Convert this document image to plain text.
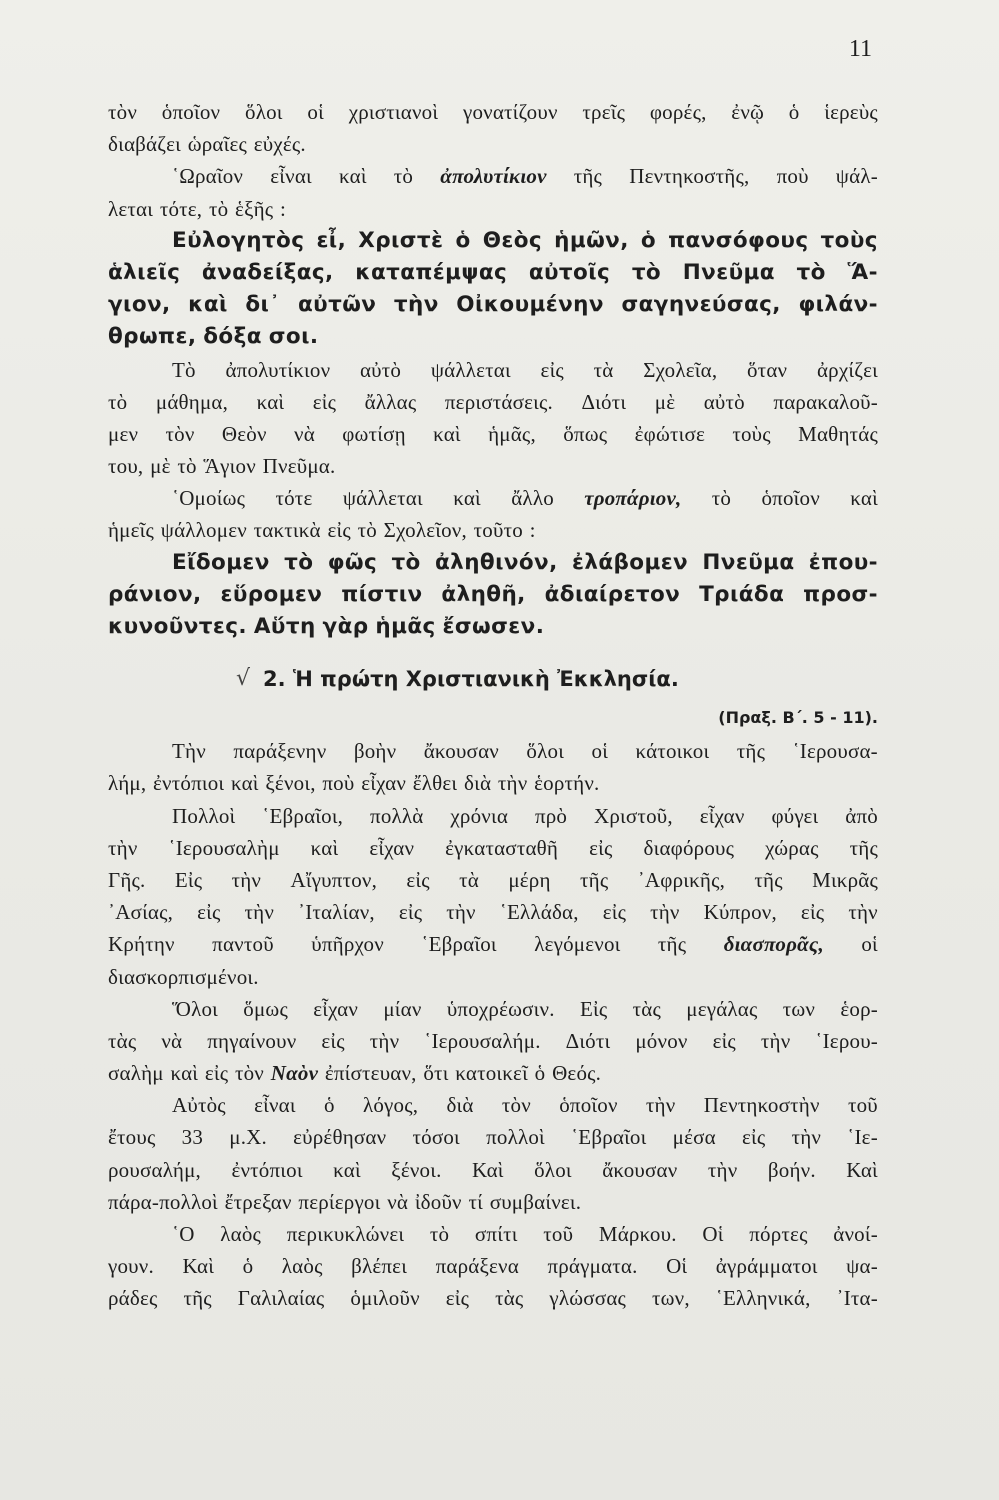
11
τὸν ὁποῖον ὅλοι οἱ χριστιανοὶ γονατίζουν τρεῖς φορές, ἐνῷ ὁ ἱερεὺς
διαβάζει ὡραῖες εὐχές.
῾Ωραῖον εἶναι καὶ τὸ ἀπολυτίκιον τῆς Πεντηκοστῆς, ποὺ ψάλ-
λεται τότε, τὸ ἑξῆς :
Εὐλογητὸς εἶ, Χριστὲ ὁ Θεὸς ἡμῶν, ὁ πανσόφους τοὺς
ἁλιεῖς ἀναδείξας, καταπέμψας αὐτοῖς τὸ Πνεῦμα τὸ Ἅ-
γιον, καὶ δι᾽ αὐτῶν τὴν Οἰκουμένην σαγηνεύσας, φιλάν-
θρωπε, δόξα σοι.
Τὸ ἀπολυτίκιον αὐτὸ ψάλλεται εἰς τὰ Σχολεῖα, ὅταν ἀρχίζει
τὸ μάθημα, καὶ εἰς ἄλλας περιστάσεις. Διότι μὲ αὐτὸ παρακαλοῦ-
μεν τὸν Θεὸν νὰ φωτίσῃ καὶ ἡμᾶς, ὅπως ἐφώτισε τοὺς Μαθητάς
του, μὲ τὸ Ἅγιον Πνεῦμα.
῾Ομοίως τότε ψάλλεται καὶ ἄλλο τροπάριον, τὸ ὁποῖον καὶ
ἡμεῖς ψάλλομεν τακτικὰ εἰς τὸ Σχολεῖον, τοῦτο :
Εἴδομεν τὸ φῶς τὸ ἀληθινόν, ἐλάβομεν Πνεῦμα ἐπου-
ράνιον, εὕρομεν πίστιν ἀληθῆ, ἀδιαίρετον Τριάδα προσ-
κυνοῦντες. Αὕτη γὰρ ἡμᾶς ἔσωσεν.
√ 2. Ἡ πρώτη Χριστιανικὴ Ἐκκλησία.
(Πραξ. Β΄. 5 - 11).
Τὴν παράξενην βοὴν ἄκουσαν ὅλοι οἱ κάτοικοι τῆς ῾Ιερουσα-
λήμ, ἐντόπιοι καὶ ξένοι, ποὺ εἶχαν ἔλθει διὰ τὴν ἑορτήν.
Πολλοὶ ῾Εβραῖοι, πολλὰ χρόνια πρὸ Χριστοῦ, εἶχαν φύγει ἀπὸ
τὴν ῾Ιερουσαλὴμ καὶ εἶχαν ἐγκατασταθῆ εἰς διαφόρους χώρας τῆς
Γῆς. Εἰς τὴν Αἴγυπτον, εἰς τὰ μέρη τῆς ᾿Αφρικῆς, τῆς Μικρᾶς
᾿Ασίας, εἰς τὴν ᾿Ιταλίαν, εἰς τὴν ῾Ελλάδα, εἰς τὴν Κύπρον, εἰς τὴν
Κρήτην παντοῦ ὑπῆρχον ῾Εβραῖοι λεγόμενοι τῆς διασπορᾶς, οἱ
διασκορπισμένοι.
Ὅλοι ὅμως εἶχαν μίαν ὑποχρέωσιν. Εἰς τὰς μεγάλας των ἑορ-
τὰς νὰ πηγαίνουν εἰς τὴν ῾Ιερουσαλήμ. Διότι μόνον εἰς τὴν ῾Ιερου-
σαλὴμ καὶ εἰς τὸν Ναὸν ἐπίστευαν, ὅτι κατοικεῖ ὁ Θεός.
Αὐτὸς εἶναι ὁ λόγος, διὰ τὸν ὁποῖον τὴν Πεντηκοστὴν τοῦ
ἔτους 33 μ.Χ. εὐρέθησαν τόσοι πολλοὶ ῾Εβραῖοι μέσα εἰς τὴν ῾Ιε-
ρουσαλήμ, ἐντόπιοι καὶ ξένοι. Καὶ ὅλοι ἄκουσαν τὴν βοήν. Καὶ
πάρα-πολλοὶ ἔτρεξαν περίεργοι νὰ ἰδοῦν τί συμβαίνει.
῾Ο λαὸς περικυκλώνει τὸ σπίτι τοῦ Μάρκου. Οἱ πόρτες ἀνοί-
γουν. Καὶ ὁ λαὸς βλέπει παράξενα πράγματα. Οἱ ἀγράμματοι ψα-
ράδες τῆς Γαλιλαίας ὁμιλοῦν εἰς τὰς γλώσσας των, ῾Ελληνικά, ᾿Ιτα-
